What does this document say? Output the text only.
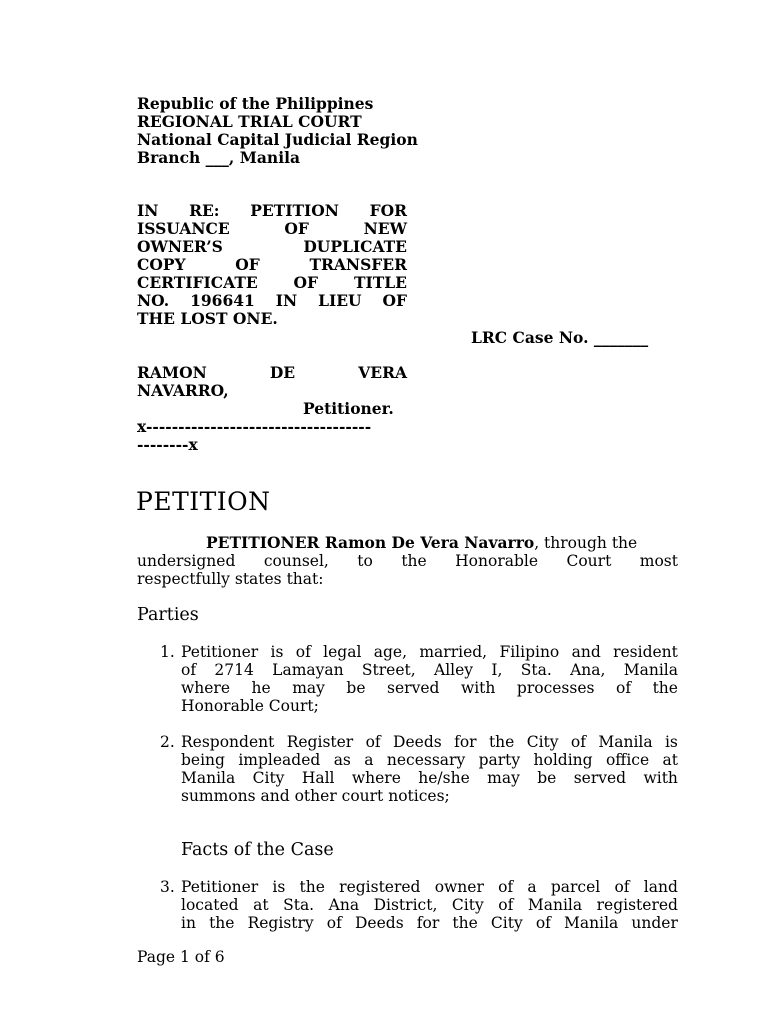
Republic of the Philippines
REGIONAL TRIAL COURT
National Capital Judicial Region
Branch ___, Manila
IN RE: PETITION FOR
ISSUANCE	OF	NEW
OWNER’S	DUPLICATE
COPY	OF	TRANSFER
CERTIFICATE OF TITLE
NO. 196641 IN LIEU OF
THE LOST ONE.
LRC Case No. _______
RAMON	DE	VERA
NAVARRO,
Petitioner.
x-----------------------------------
--------x
PETITION
PETITIONER Ramon De Vera Navarro, through the
undersigned counsel, to the Honorable Court most
respectfully states that:
Parties
1. Petitioner is of legal age, married, Filipino and resident
of 2714 Lamayan Street, Alley I, Sta. Ana, Manila
where he may be served with processes of the
Honorable Court;
2. Respondent Register of Deeds for the City of Manila is
being impleaded as a necessary party holding office at
Manila City Hall where he/she may be served with
summons and other court notices;
Facts of the Case
3. Petitioner is the registered owner of a parcel of land
located at Sta. Ana District, City of Manila registered
in the Registry of Deeds for the City of Manila under
Page 1 of 6
